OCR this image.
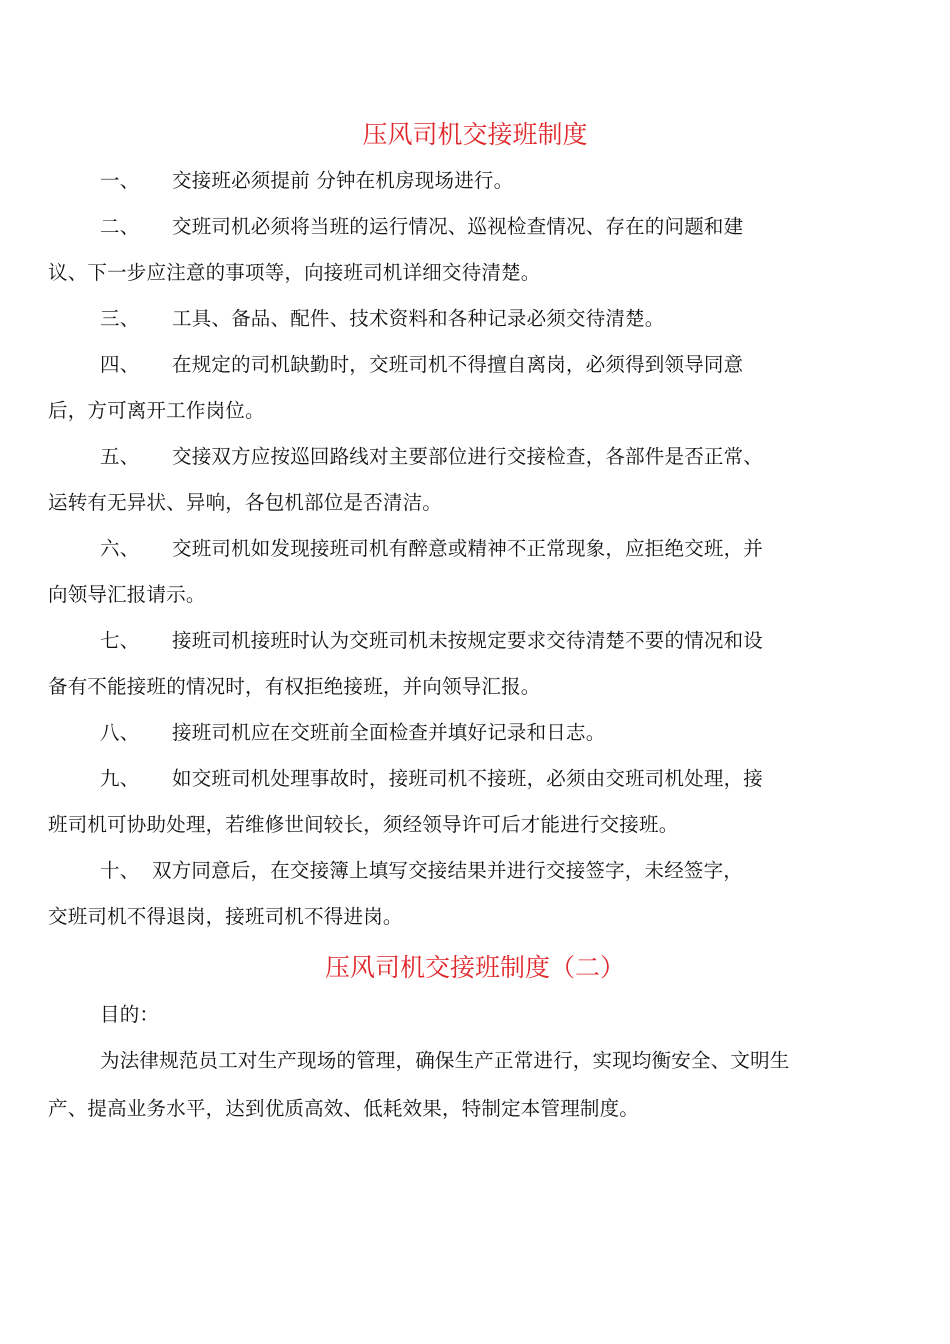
压风司机交接班制度
一、 交接班必须提前 分钟在机房现场进行。
二、 交班司机必须将当班的运行情况、巡视检查情况、存在的问题和建
议、下一步应注意的事项等，向接班司机详细交待清楚。
三、 工具、备品、配件、技术资料和各种记录必须交待清楚。
四、 在规定的司机缺勤时，交班司机不得擅自离岗，必须得到领导同意
后，方可离开工作岗位。
五、 交接双方应按巡回路线对主要部位进行交接检查，各部件是否正常、
运转有无异状、异响，各包机部位是否清洁。
六、 交班司机如发现接班司机有醉意或精神不正常现象，应拒绝交班，并
向领导汇报请示。
七、 接班司机接班时认为交班司机未按规定要求交待清楚不要的情况和设
备有不能接班的情况时，有权拒绝接班，并向领导汇报。
八、 接班司机应在交班前全面检查并填好记录和日志。
九、 如交班司机处理事故时，接班司机不接班，必须由交班司机处理，接
班司机可协助处理，若维修世间较长，须经领导许可后才能进行交接班。
十、 双方同意后，在交接簿上填写交接结果并进行交接签字，未经签字，
交班司机不得退岗，接班司机不得进岗。
压风司机交接班制度（二）
目的：
为法律规范员工对生产现场的管理，确保生产正常进行，实现均衡安全、文明生
产、提高业务水平，达到优质高效、低耗效果，特制定本管理制度。
